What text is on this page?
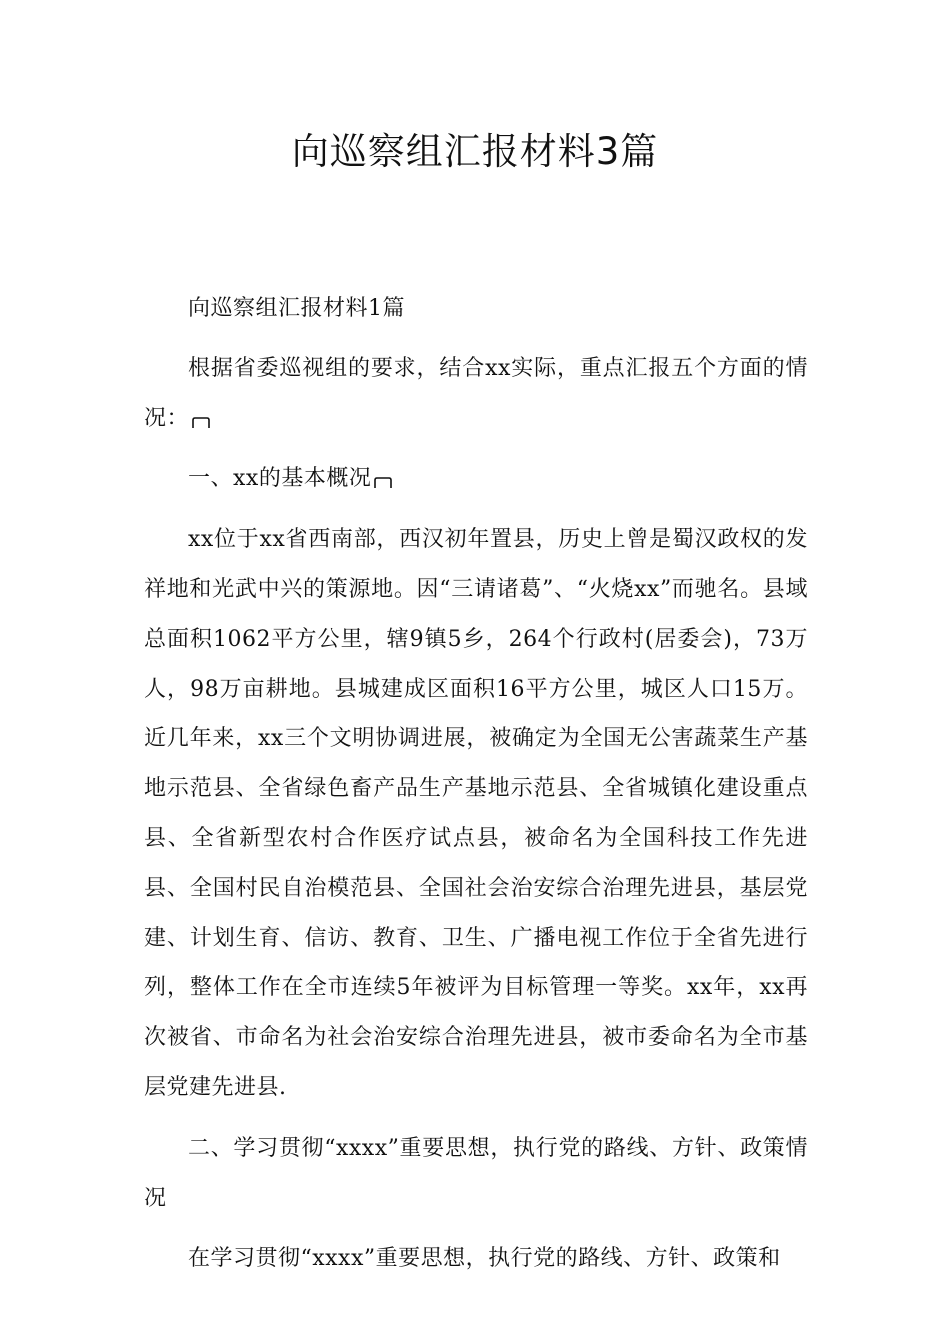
向巡察组汇报材料3篇

向巡察组汇报材料1篇

根据省委巡视组的要求，结合xx实际，重点汇报五个方面的情况：

一、xx的基本概况

xx位于xx省西南部，西汉初年置县，历史上曾是蜀汉政权的发祥地和光武中兴的策源地。因“三请诸葛”、“火烧xx”而驰名。县域总面积1062平方公里，辖9镇5乡，264个行政村(居委会)，73万人，98万亩耕地。县城建成区面积16平方公里，城区人口15万。近几年来，xx三个文明协调进展，被确定为全国无公害蔬菜生产基地示范县、全省绿色畜产品生产基地示范县、全省城镇化建设重点县、全省新型农村合作医疗试点县，被命名为全国科技工作先进县、全国村民自治模范县、全国社会治安综合治理先进县，基层党建、计划生育、信访、教育、卫生、广播电视工作位于全省先进行列，整体工作在全市连续5年被评为目标管理一等奖。xx年，xx再次被省、市命名为社会治安综合治理先进县，被市委命名为全市基层党建先进县.

二、学习贯彻“xxxx”重要思想，执行党的路线、方针、政策情况

在学习贯彻“xxxx”重要思想，执行党的路线、方针、政策和
